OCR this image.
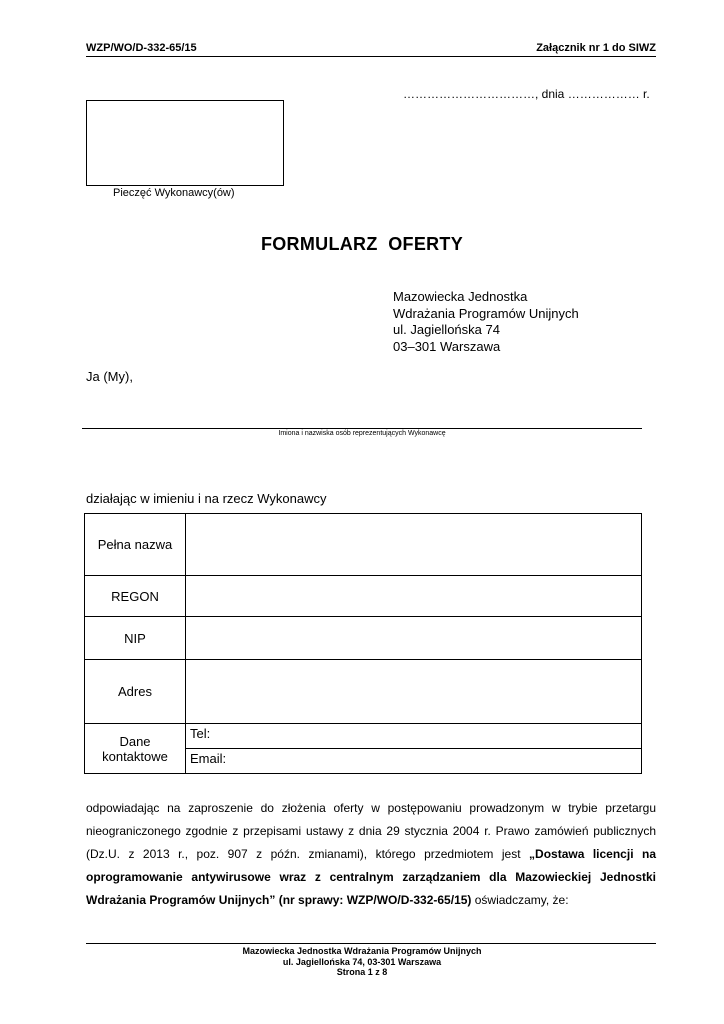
WZP/WO/D-332-65/15	Załącznik nr 1 do SIWZ
……………………………, dnia ……………… r.
Pieczęć Wykonawcy(ów)
FORMULARZ  OFERTY
Mazowiecka Jednostka
Wdrażania Programów Unijnych
ul. Jagiellońska 74
03–301 Warszawa
Ja (My),
Imiona i nazwiska osób reprezentujących Wykonawcę
działając w imieniu i na rzecz Wykonawcy
Pełna nazwa	
REGON	
NIP	
Adres	

Dane
kontaktowe	Tel:
	Email:
odpowiadając na zaproszenie do złożenia oferty w postępowaniu prowadzonym w trybie przetargu nieograniczonego zgodnie z przepisami ustawy z dnia 29 stycznia 2004 r. Prawo zamówień publicznych (Dz.U. z 2013 r., poz. 907 z późn. zmianami), którego przedmiotem jest „Dostawa licencji na oprogramowanie antywirusowe wraz z centralnym zarządzaniem dla Mazowieckiej Jednostki Wdrażania Programów Unijnych” (nr sprawy: WZP/WO/D-332-65/15) oświadczamy, że:
Mazowiecka Jednostka Wdrażania Programów Unijnych
ul. Jagiellońska 74, 03-301 Warszawa
Strona 1 z 8
